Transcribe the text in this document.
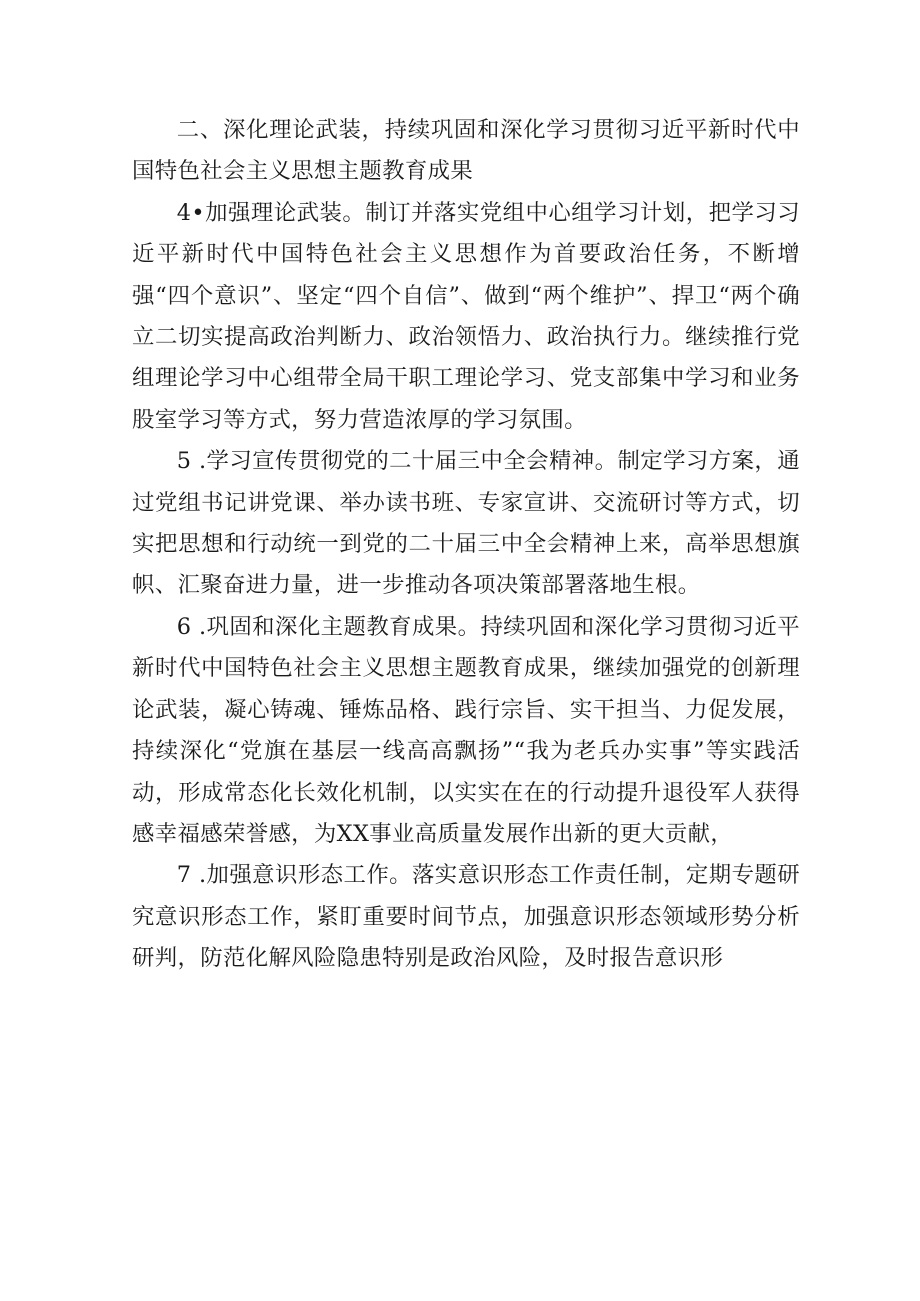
二、深化理论武装，持续巩固和深化学习贯彻习近平新时代中国特色社会主义思想主题教育成果

4•加强理论武装。制订并落实党组中心组学习计划，把学习习近平新时代中国特色社会主义思想作为首要政治任务，不断增强“四个意识”、坚定“四个自信”、做到“两个维护”、捍卫“两个确立二切实提高政治判断力、政治领悟力、政治执行力。继续推行党组理论学习中心组带全局干职工理论学习、党支部集中学习和业务股室学习等方式，努力营造浓厚的学习氛围。

5 .学习宣传贯彻党的二十届三中全会精神。制定学习方案，通过党组书记讲党课、举办读书班、专家宣讲、交流研讨等方式，切实把思想和行动统一到党的二十届三中全会精神上来，高举思想旗帜、汇聚奋进力量，进一步推动各项决策部署落地生根。

6 .巩固和深化主题教育成果。持续巩固和深化学习贯彻习近平新时代中国特色社会主义思想主题教育成果，继续加强党的创新理论武装，凝心铸魂、锤炼品格、践行宗旨、实干担当、力促发展，持续深化“党旗在基层一线高高飘扬”“我为老兵办实事”等实践活动，形成常态化长效化机制，以实实在在的行动提升退役军人获得感幸福感荣誉感，为XX事业高质量发展作出新的更大贡献，

7 .加强意识形态工作。落实意识形态工作责任制，定期专题研究意识形态工作，紧盯重要时间节点，加强意识形态领域形势分析研判，防范化解风险隐患特别是政治风险，及时报告意识形
